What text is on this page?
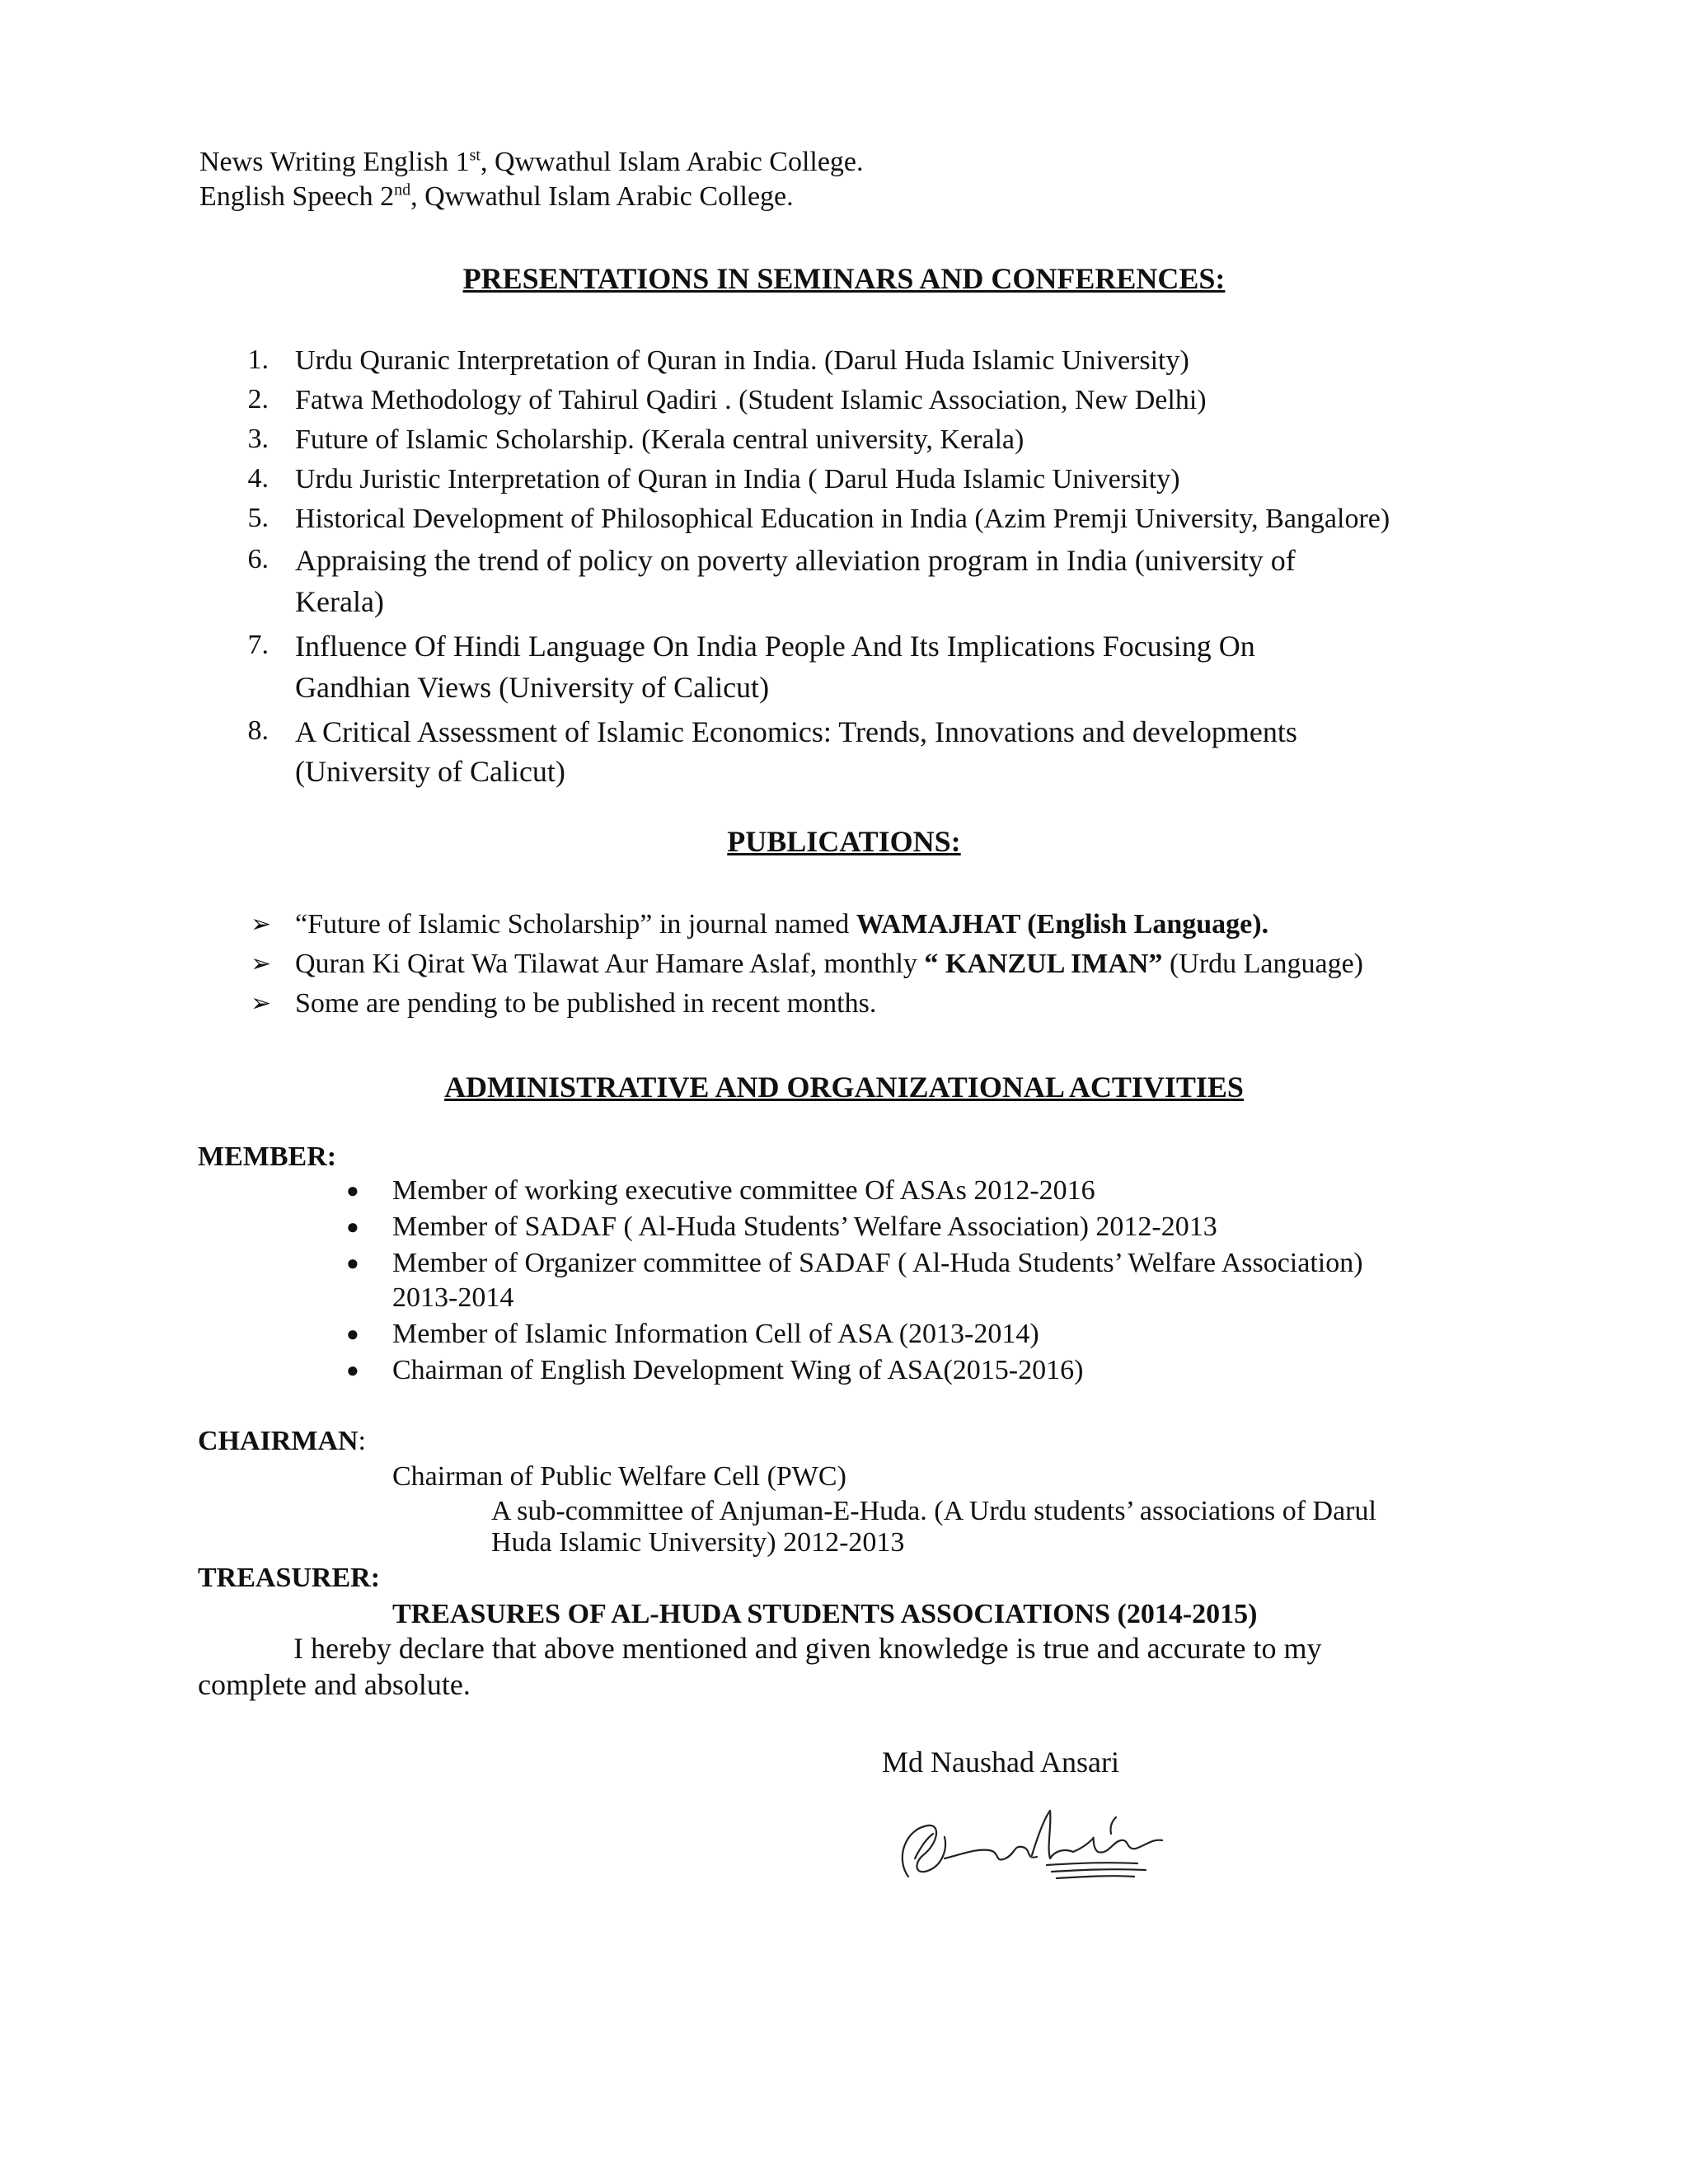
News Writing English 1st, Qwwathul Islam Arabic College.
English Speech 2nd, Qwwathul Islam Arabic College.
PRESENTATIONS IN SEMINARS AND CONFERENCES:
1. Urdu Quranic Interpretation of Quran in India. (Darul Huda Islamic University)
2. Fatwa Methodology of Tahirul Qadiri . (Student Islamic Association, New Delhi)
3. Future of Islamic Scholarship. (Kerala central university, Kerala)
4. Urdu Juristic Interpretation of Quran in India ( Darul Huda Islamic University)
5. Historical Development of Philosophical Education in India (Azim Premji University, Bangalore)
6. Appraising the trend of policy on poverty alleviation program in India (university of
Kerala)
7. Influence Of Hindi Language On India People And Its Implications Focusing On
Gandhian Views (University of Calicut)
8. A Critical Assessment of Islamic Economics: Trends, Innovations and developments
(University of Calicut)
PUBLICATIONS:
➢ “Future of Islamic Scholarship” in journal named WAMAJHAT (English Language).
➢ Quran Ki Qirat Wa Tilawat Aur Hamare Aslaf, monthly “ KANZUL IMAN” (Urdu Language)
➢ Some are pending to be published in recent months.
ADMINISTRATIVE AND ORGANIZATIONAL ACTIVITIES
MEMBER:
● Member of working executive committee Of ASAs 2012-2016
● Member of SADAF ( Al-Huda Students’ Welfare Association) 2012-2013
● Member of Organizer committee of SADAF ( Al-Huda Students’ Welfare Association)
2013-2014
● Member of Islamic Information Cell of ASA (2013-2014)
● Chairman of English Development Wing of ASA(2015-2016)
CHAIRMAN:
Chairman of Public Welfare Cell (PWC)
A sub-committee of Anjuman-E-Huda. (A Urdu students’ associations of Darul
Huda Islamic University) 2012-2013
TREASURER:
TREASURES OF AL-HUDA STUDENTS ASSOCIATIONS (2014-2015)
I hereby declare that above mentioned and given knowledge is true and accurate to my
complete and absolute.
Md Naushad Ansari
